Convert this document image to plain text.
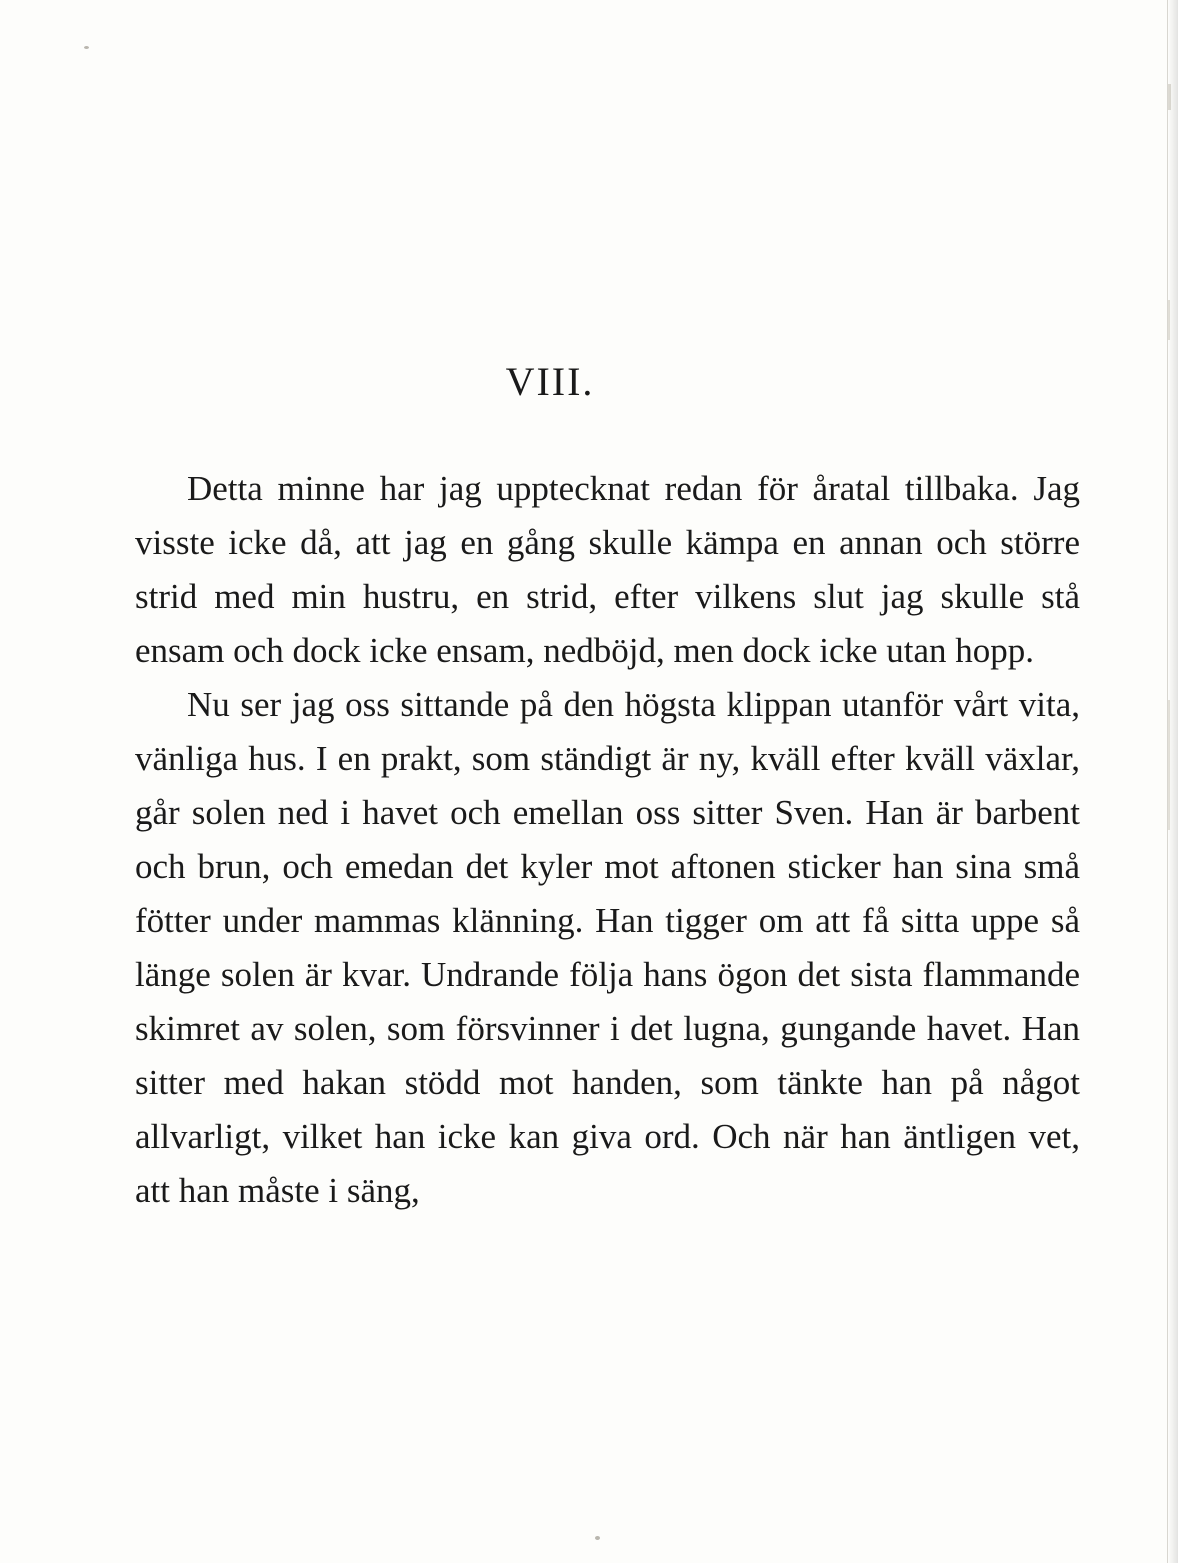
VIII.

Detta minne har jag upptecknat redan för åratal tillbaka. Jag visste icke då, att jag en gång skulle kämpa en annan och större strid med min hustru, en strid, efter vilkens slut jag skulle stå ensam och dock icke ensam, nedböjd, men dock icke utan hopp.

Nu ser jag oss sittande på den högsta klippan utanför vårt vita, vänliga hus. I en prakt, som ständigt är ny, kväll efter kväll växlar, går solen ned i havet och emellan oss sitter Sven. Han är barbent och brun, och emedan det kyler mot aftonen sticker han sina små fötter under mammas klänning. Han tigger om att få sitta uppe så länge solen är kvar. Undrande följa hans ögon det sista flammande skimret av solen, som försvinner i det lugna, gungande havet. Han sitter med hakan stödd mot handen, som tänkte han på något allvarligt, vilket han icke kan giva ord. Och när han äntligen vet, att han måste i säng,
